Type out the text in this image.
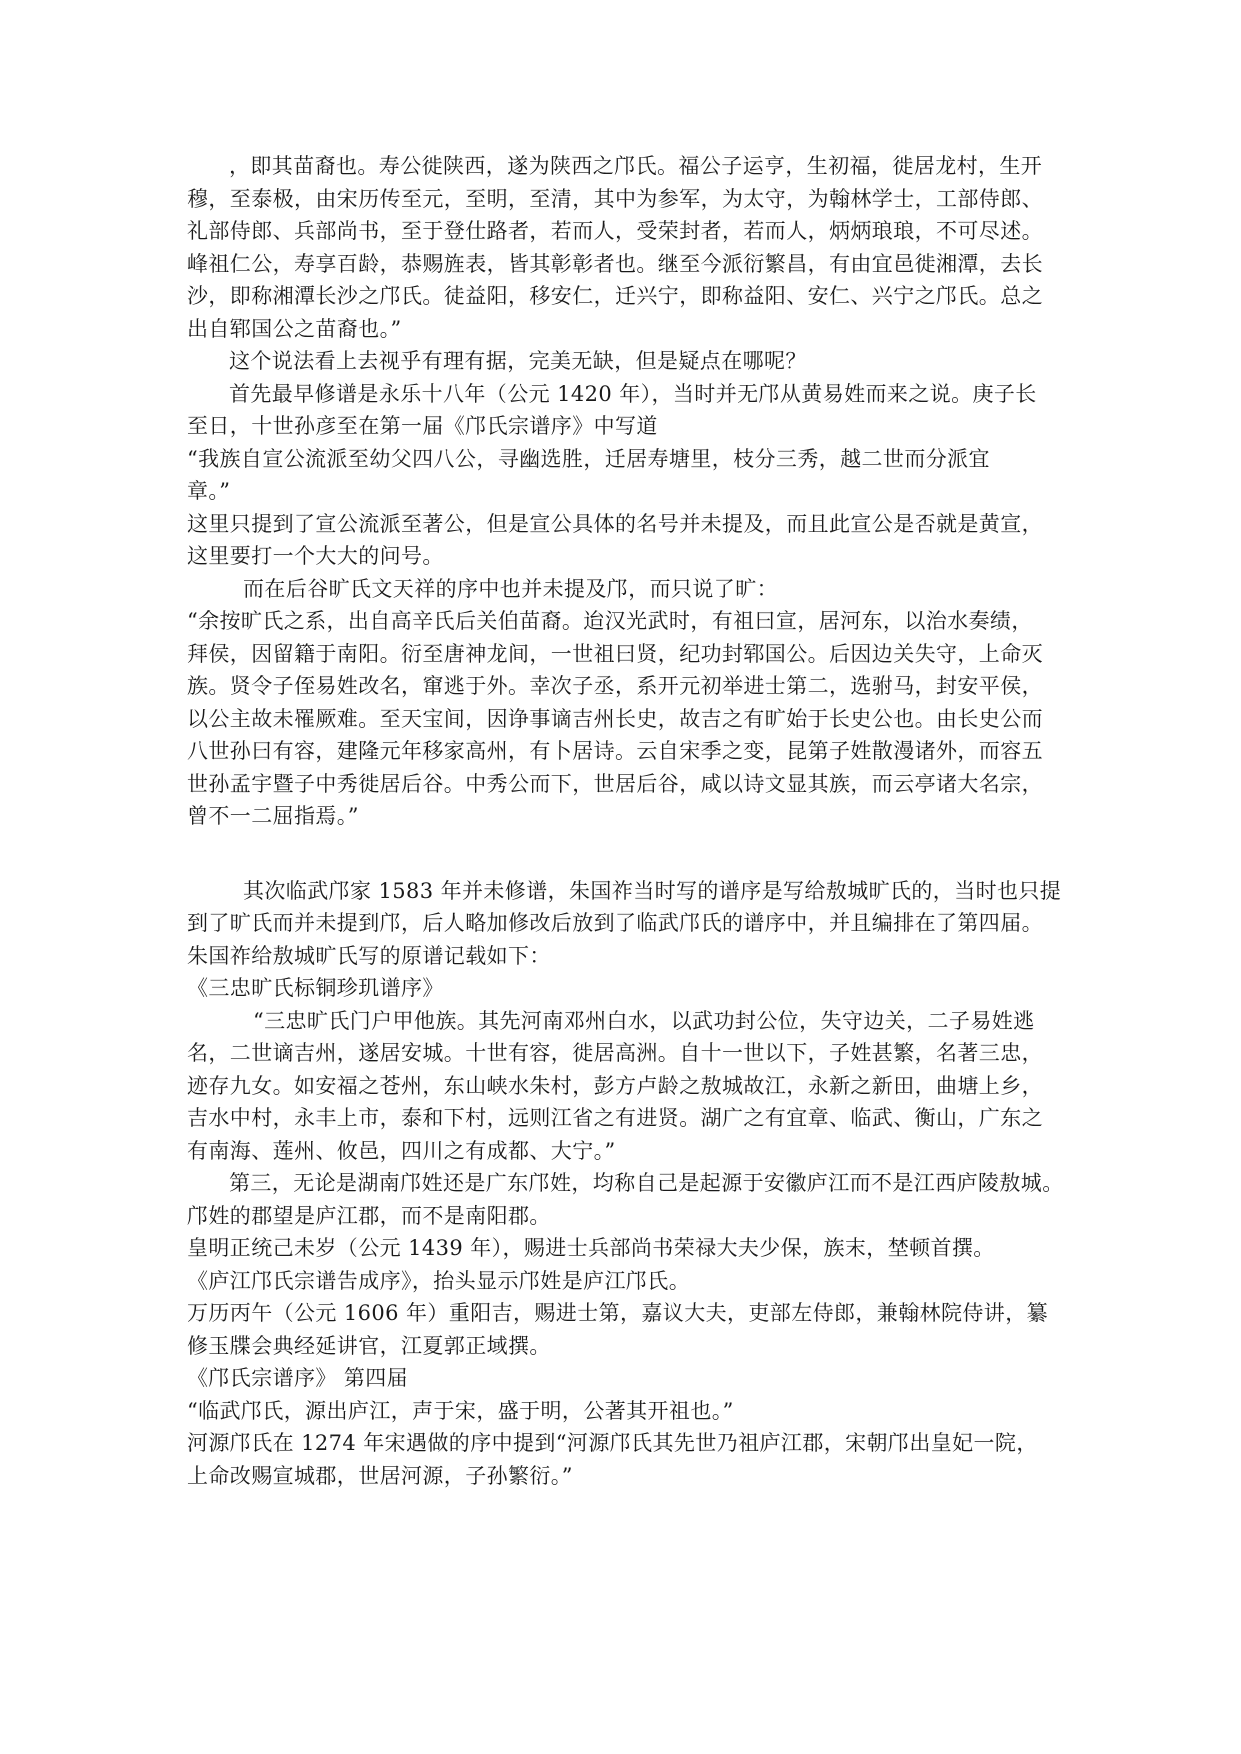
，即其苗裔也。寿公徙陕西，遂为陕西之邝氏。福公子运亨，生初福，徙居龙村，生开
穆，至泰极，由宋历传至元，至明，至清，其中为参军，为太守，为翰林学士，工部侍郎、
礼部侍郎、兵部尚书，至于登仕路者，若而人，受荣封者，若而人，炳炳琅琅，不可尽述。
峰祖仁公，寿享百龄，恭赐旌表，皆其彰彰者也。继至今派衍繁昌，有由宜邑徙湘潭，去长
沙，即称湘潭长沙之邝氏。徒益阳，移安仁，迁兴宁，即称益阳、安仁、兴宁之邝氏。总之
出自郓国公之苗裔也。”
这个说法看上去视乎有理有据，完美无缺，但是疑点在哪呢？
首先最早修谱是永乐十八年（公元 1420 年），当时并无邝从黄易姓而来之说。庚子长
至日，十世孙彦至在第一届《邝氏宗谱序》中写道
“我族自宣公流派至幼父四八公，寻幽选胜，迁居寿塘里，枝分三秀，越二世而分派宜
章。”
这里只提到了宣公流派至著公，但是宣公具体的名号并未提及，而且此宣公是否就是黄宣，
这里要打一个大大的问号。
而在后谷旷氏文天祥的序中也并未提及邝，而只说了旷：
“余按旷氏之系，出自高辛氏后关伯苗裔。迨汉光武时，有祖曰宣，居河东，以治水奏绩，
拜侯，因留籍于南阳。衍至唐神龙间，一世祖曰贤，纪功封郓国公。后因边关失守，上命灭
族。贤令子侄易姓改名，窜逃于外。幸次子丞，系开元初举进士第二，选驸马，封安平侯，
以公主故未罹厥难。至天宝间，因诤事谪吉州长史，故吉之有旷始于长史公也。由长史公而
八世孙曰有容，建隆元年移家高州，有卜居诗。云自宋季之变，昆第子姓散漫诸外，而容五
世孙孟宇暨子中秀徙居后谷。中秀公而下，世居后谷，咸以诗文显其族，而云亭诸大名宗，
曾不一二屈指焉。”
其次临武邝家 1583 年并未修谱，朱国祚当时写的谱序是写给敖城旷氏的，当时也只提
到了旷氏而并未提到邝，后人略加修改后放到了临武邝氏的谱序中，并且编排在了第四届。
朱国祚给敖城旷氏写的原谱记载如下：
《三忠旷氏标铜珍玑谱序》
“三忠旷氏门户甲他族。其先河南邓州白水，以武功封公位，失守边关，二子易姓逃
名，二世谪吉州，遂居安城。十世有容，徙居高洲。自十一世以下，子姓甚繁，名著三忠，
迹存九女。如安福之苍州，东山峡水朱村，彭方卢龄之敖城故江，永新之新田，曲塘上乡，
吉水中村，永丰上市，泰和下村，远则江省之有进贤。湖广之有宜章、临武、衡山，广东之
有南海、莲州、攸邑，四川之有成都、大宁。”
第三，无论是湖南邝姓还是广东邝姓，均称自己是起源于安徽庐江而不是江西庐陵敖城。
邝姓的郡望是庐江郡，而不是南阳郡。
皇明正统己未岁（公元 1439 年），赐进士兵部尚书荣禄大夫少保，族末，埜顿首撰。
《庐江邝氏宗谱告成序》，抬头显示邝姓是庐江邝氏。
万历丙午（公元 1606 年）重阳吉，赐进士第，嘉议大夫，吏部左侍郎，兼翰林院侍讲，纂
修玉牒会典经延讲官，江夏郭正域撰。
《邝氏宗谱序》 第四届
“临武邝氏，源出庐江，声于宋，盛于明，公著其开祖也。”
河源邝氏在 1274 年宋遇做的序中提到“河源邝氏其先世乃祖庐江郡，宋朝邝出皇妃一院，
上命改赐宣城郡，世居河源，子孙繁衍。”
